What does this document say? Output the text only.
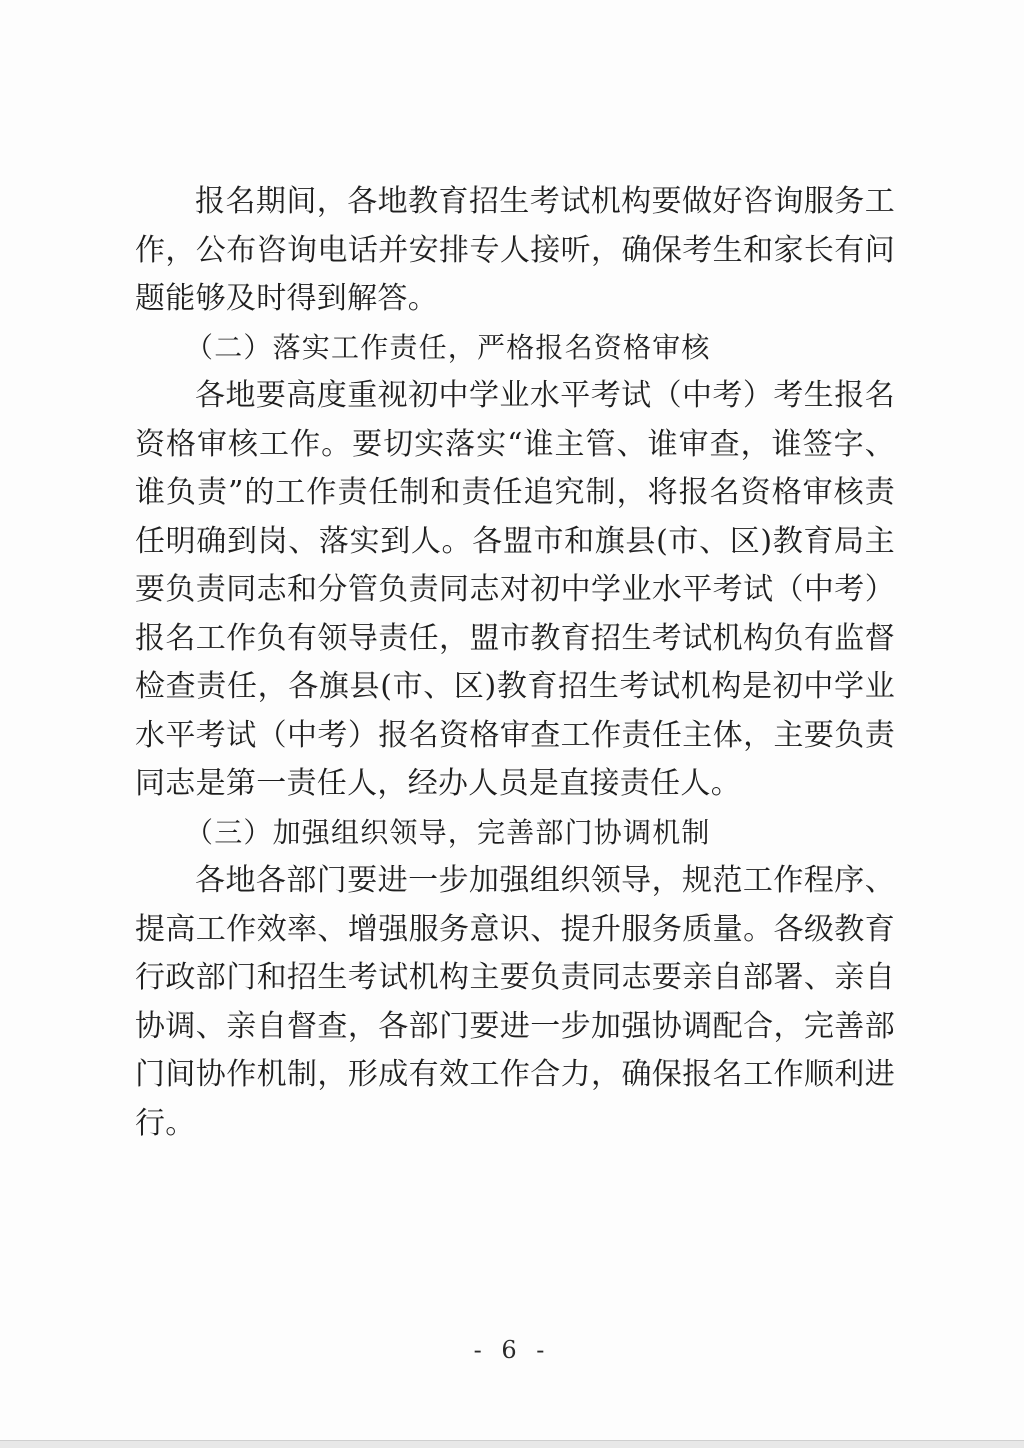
报名期间，各地教育招生考试机构要做好咨询服务工作，公布咨询电话并安排专人接听，确保考生和家长有问题能够及时得到解答。

（二）落实工作责任，严格报名资格审核

各地要高度重视初中学业水平考试（中考）考生报名资格审核工作。要切实落实“谁主管、谁审查，谁签字、谁负责”的工作责任制和责任追究制，将报名资格审核责任明确到岗、落实到人。各盟市和旗县(市、区)教育局主要负责同志和分管负责同志对初中学业水平考试（中考）报名工作负有领导责任，盟市教育招生考试机构负有监督检查责任，各旗县(市、区)教育招生考试机构是初中学业水平考试（中考）报名资格审查工作责任主体，主要负责同志是第一责任人，经办人员是直接责任人。

（三）加强组织领导，完善部门协调机制

各地各部门要进一步加强组织领导，规范工作程序、提高工作效率、增强服务意识、提升服务质量。各级教育行政部门和招生考试机构主要负责同志要亲自部署、亲自协调、亲自督查，各部门要进一步加强协调配合，完善部门间协作机制，形成有效工作合力，确保报名工作顺利进行。

- 6 -
